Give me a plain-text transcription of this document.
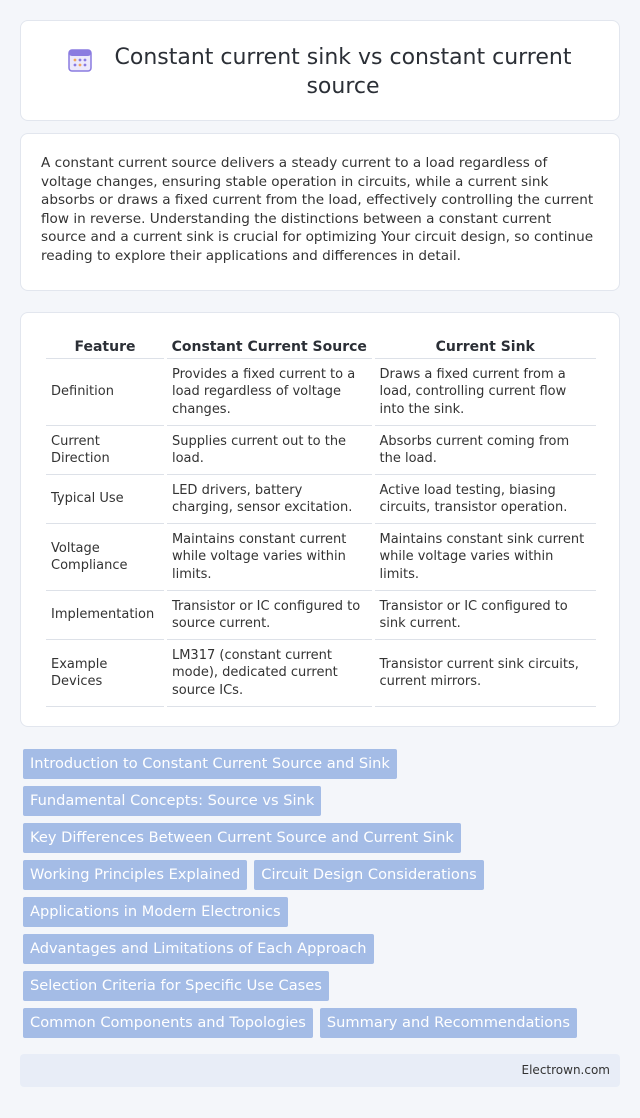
Constant current sink vs constant current source

A constant current source delivers a steady current to a load regardless of voltage changes, ensuring stable operation in circuits, while a current sink absorbs or draws a fixed current from the load, effectively controlling the current flow in reverse. Understanding the distinctions between a constant current source and a current sink is crucial for optimizing Your circuit design, so continue reading to explore their applications and differences in detail.

Feature	Constant Current Source	Current Sink
Definition	Provides a fixed current to a load regardless of voltage changes.	Draws a fixed current from a load, controlling current flow into the sink.
Current Direction	Supplies current out to the load.	Absorbs current coming from the load.
Typical Use	LED drivers, battery charging, sensor excitation.	Active load testing, biasing circuits, transistor operation.
Voltage Compliance	Maintains constant current while voltage varies within limits.	Maintains constant sink current while voltage varies within limits.
Implementation	Transistor or IC configured to source current.	Transistor or IC configured to sink current.
Example Devices	LM317 (constant current mode), dedicated current source ICs.	Transistor current sink circuits, current mirrors.
Introduction to Constant Current Source and Sink
Fundamental Concepts: Source vs Sink
Key Differences Between Current Source and Current Sink
Working Principles Explained	Circuit Design Considerations
Applications in Modern Electronics
Advantages and Limitations of Each Approach
Selection Criteria for Specific Use Cases
Common Components and Topologies	Summary and Recommendations
Electrown.com
